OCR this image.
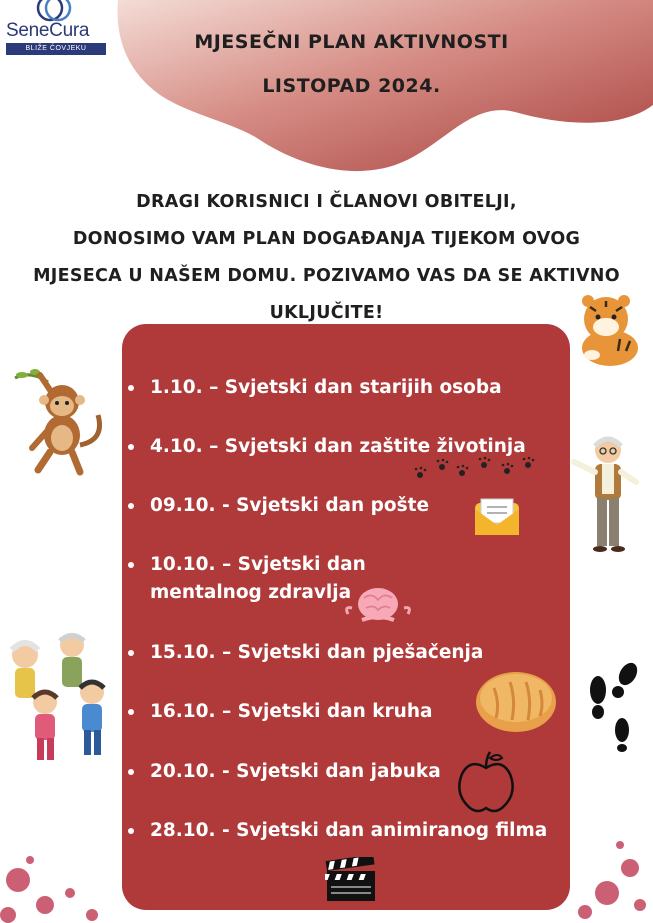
SeneCura
BLIŽE ČOVJEKU	MJESEČNI PLAN AKTIVNOSTI
LISTOPAD 2024.
DRAGI KORISNICI I ČLANOVI OBITELJI,
DONOSIMO VAM PLAN DOGAĐANJA TIJEKOM OVOG
MJESECA U NAŠEM DOMU. POZIVAMO VAS DA SE AKTIVNO
UKLJUČITE!
1.10. – Svjetski dan starijih osoba
4.10. – Svjetski dan zaštite životinja
09.10. - Svjetski dan pošte
10.10. – Svjetski dan mentalnog zdravlja
15.10. – Svjetski dan pješačenja
16.10. – Svjetski dan kruha
20.10. - Svjetski dan jabuka
28.10. - Svjetski dan animiranog filma
